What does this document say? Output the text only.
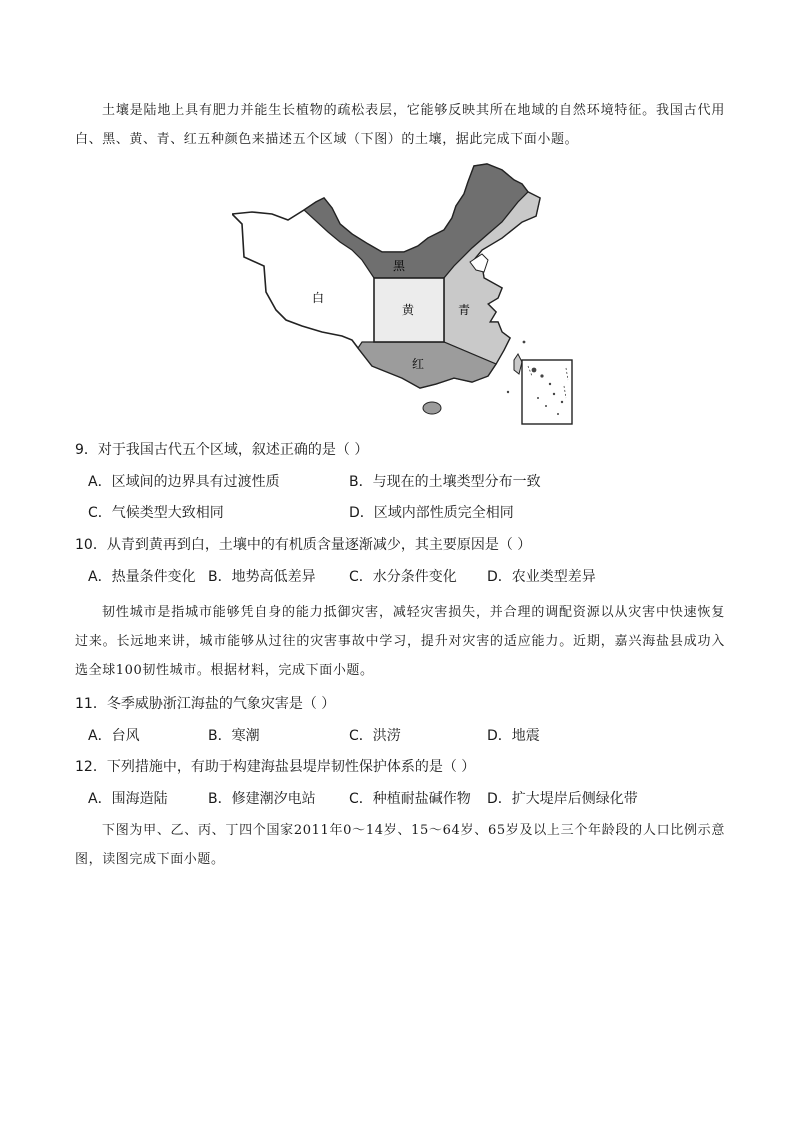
土壤是陆地上具有肥力并能生长植物的疏松表层，它能够反映其所在地域的自然环境特征。我国古代用白、黑、黄、青、红五种颜色来描述五个区域（下图）的土壤，据此完成下面小题。
白
黑
黄	青
红
9．对于我国古代五个区域，叙述正确的是（ ）
A．区域间的边界具有过渡性质	B．与现在的土壤类型分布一致
C．气候类型大致相同	D．区域内部性质完全相同
10．从青到黄再到白，土壤中的有机质含量逐渐减少，其主要原因是（ ）
A．热量条件变化 B．地势高低差异 C．水分条件变化 D．农业类型差异
韧性城市是指城市能够凭自身的能力抵御灾害，减轻灾害损失，并合理的调配资源以从灾害中快速恢复过来。长远地来讲，城市能够从过往的灾害事故中学习，提升对灾害的适应能力。近期，嘉兴海盐县成功入选全球100韧性城市。根据材料，完成下面小题。
11．冬季威胁浙江海盐的气象灾害是（ ）
A．台风	B．寒潮	C．洪涝	D．地震
12．下列措施中，有助于构建海盐县堤岸韧性保护体系的是（ ）
A．围海造陆	B．修建潮汐电站 C．种植耐盐碱作物 D．扩大堤岸后侧绿化带
下图为甲、乙、丙、丁四个国家2011年0～14岁、15～64岁、65岁及以上三个年龄段的人口比例示意图，读图完成下面小题。
